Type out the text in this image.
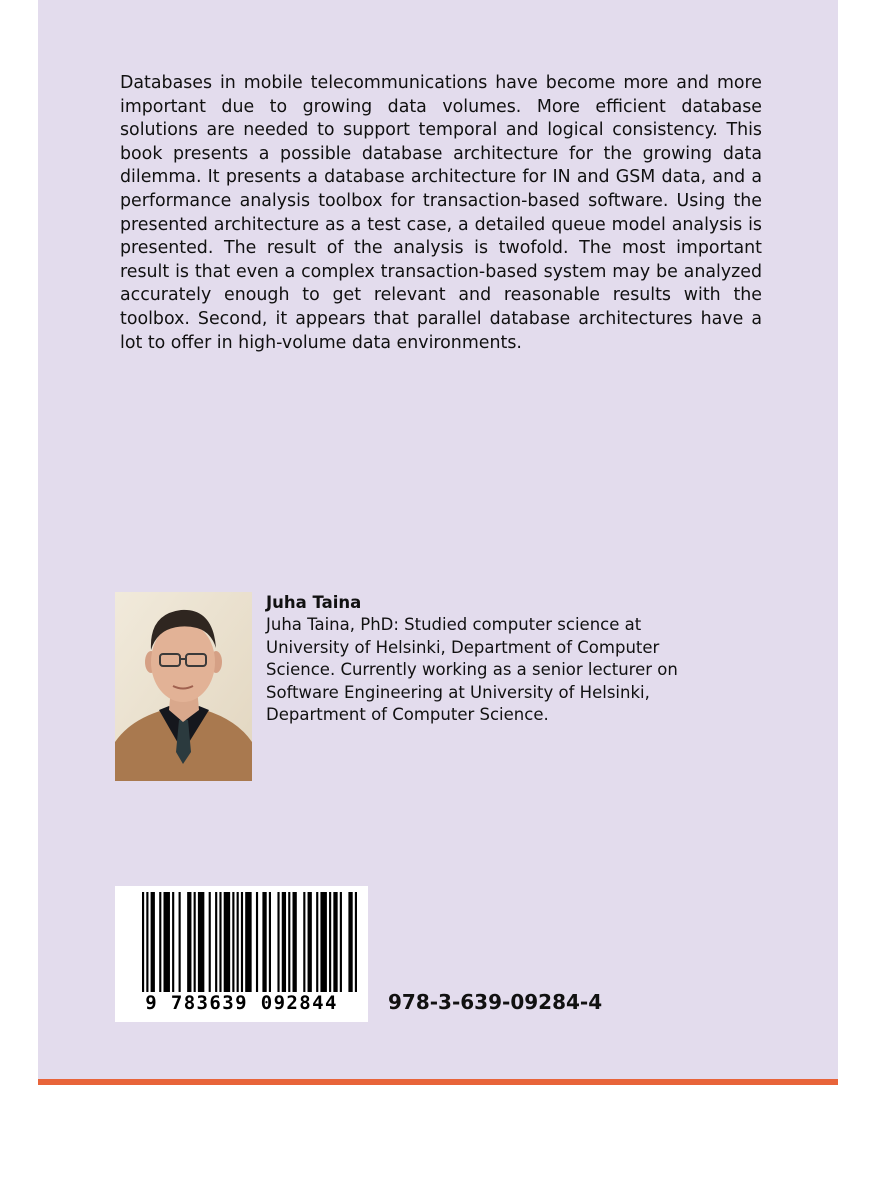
Databases in mobile telecommunications have become more and more important due to growing data volumes. More efficient database solutions are needed to support temporal and logical consistency. This book presents a possible database architecture for the growing data dilemma. It presents a database architecture for IN and GSM data, and a performance analysis toolbox for transaction-based software. Using the presented architecture as a test case, a detailed queue model analysis is presented. The result of the analysis is twofold. The most important result is that even a complex transaction-based system may be analyzed accurately enough to get relevant and reasonable results with the toolbox. Second, it appears that parallel database architectures have a lot to offer in high-volume data environments.

Juha Taina

Juha Taina, PhD: Studied computer science at University of Helsinki, Department of Computer Science. Currently working as a senior lecturer on Software Engineering at University of Helsinki, Department of Computer Science.

9 783639 092844	978-3-639-09284-4
